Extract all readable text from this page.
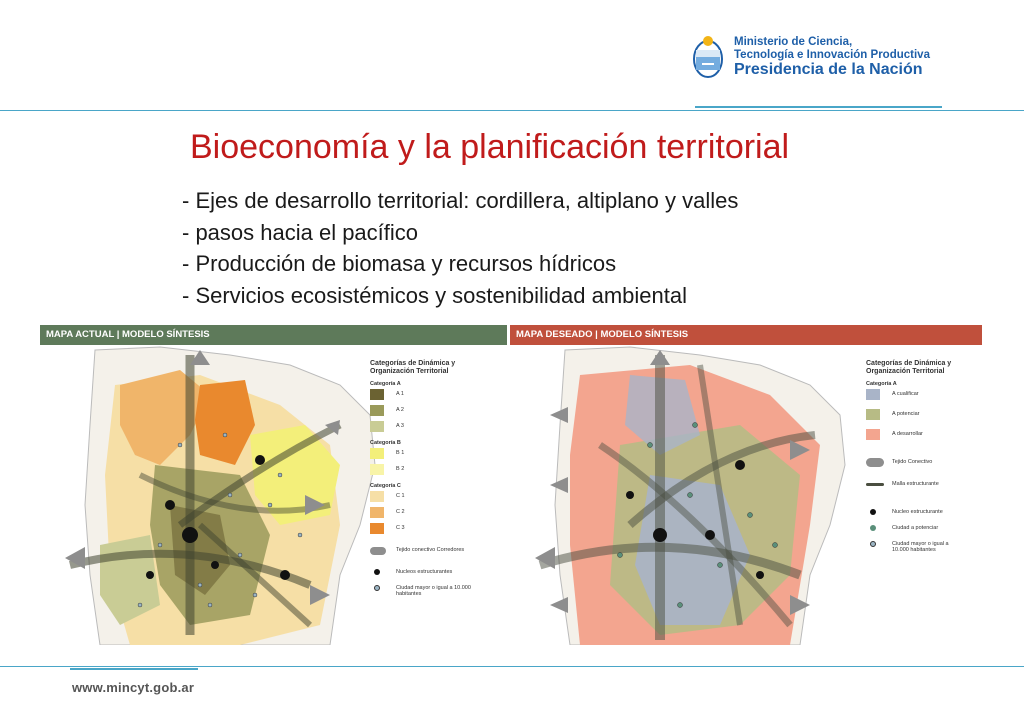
Ministerio de Ciencia,
Tecnología e Innovación Productiva
Presidencia de la Nación
Bioeconomía y la planificación territorial
- Ejes de desarrollo territorial: cordillera, altiplano y valles
- pasos hacia el pacífico
- Producción de biomasa y recursos hídricos
- Servicios ecosistémicos y sostenibilidad ambiental
MAPA ACTUAL | MODELO SÍNTESIS
Categorías de Dinámica y Organización Territorial
Categoría A
A 1
A 2
A 3
Categoría B
B 1
B 2
Categoría C
C 1
C 2
C 3
Tejido conectivo Corredores
Nucleos estructurantes
Ciudad mayor o igual a 10.000 habitantes
MAPA DESEADO | MODELO SÍNTESIS
Categorías de Dinámica y Organización Territorial
Categoría A
A cualificar
A potenciar
A desarrollar
Tejido Conectivo
Malla estructurante
Nucleo estructurante
Ciudad a potenciar
Ciudad mayor o igual a 10.000 habitantes
www.mincyt.gob.ar
